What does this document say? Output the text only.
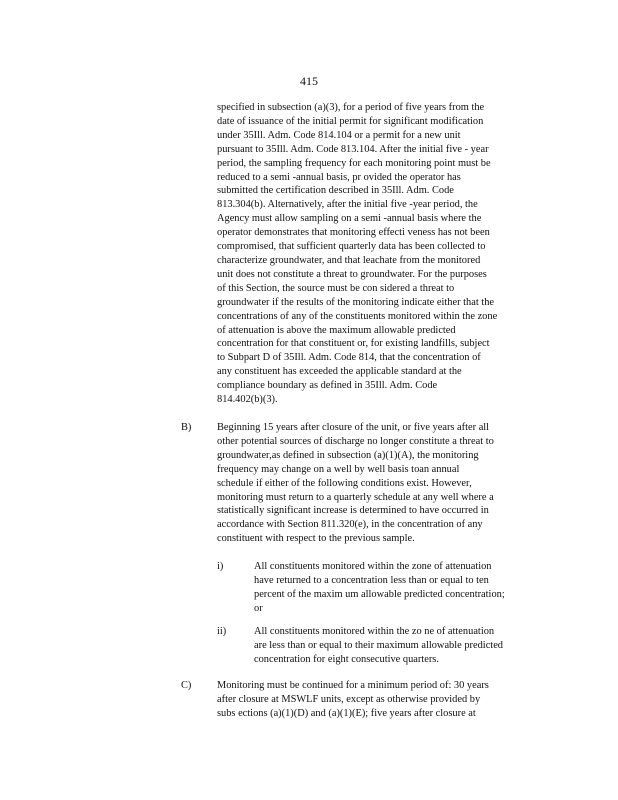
415
specified in subsection (a)(3), for a period of five years from the
date of issuance of the initial permit for significant modification
under 35Ill. Adm. Code 814.104 or a permit for a new unit
pursuant to 35Ill. Adm. Code 813.104. After the initial five - year
period, the sampling frequency for each monitoring point must be
reduced to a semi -annual basis, pr ovided the operator has
submitted the certification described in 35Ill. Adm. Code
813.304(b). Alternatively, after the initial five -year period, the
Agency must allow sampling on a semi -annual basis where the
operator demonstrates that monitoring effecti veness has not been
compromised, that sufficient quarterly data has been collected to
characterize groundwater, and that leachate from the monitored
unit does not constitute a threat to groundwater. For the purposes
of this Section, the source must be con sidered a threat to
groundwater if the results of the monitoring indicate either that the
concentrations of any of the constituents monitored within the zone
of attenuation is above the maximum allowable predicted
concentration for that constituent or, for existing landfills, subject
to Subpart D of 35Ill. Adm. Code 814, that the concentration of
any constituent has exceeded the applicable standard at the
compliance boundary as defined in 35Ill. Adm. Code
814.402(b)(3).
B) Beginning 15 years after closure of the unit, or five years after all
other potential sources of discharge no longer constitute a threat to
groundwater,as defined in subsection (a)(1)(A), the monitoring
frequency may change on a well by well basis toan annual
schedule if either of the following conditions exist. However,
monitoring must return to a quarterly schedule at any well where a
statistically significant increase is determined to have occurred in
accordance with Section 811.320(e), in the concentration of any
constituent with respect to the previous sample.
i)	All constituents monitored within the zone of attenuation
have returned to a concentration less than or equal to ten
percent of the maxim um allowable predicted concentration;
or
ii)	All constituents monitored within the zo ne of attenuation
are less than or equal to their maximum allowable predicted
concentration for eight consecutive quarters.
C) Monitoring must be continued for a minimum period of: 30 years
after closure at MSWLF units, except as otherwise provided by
subs ections (a)(1)(D) and (a)(1)(E); five years after closure at
